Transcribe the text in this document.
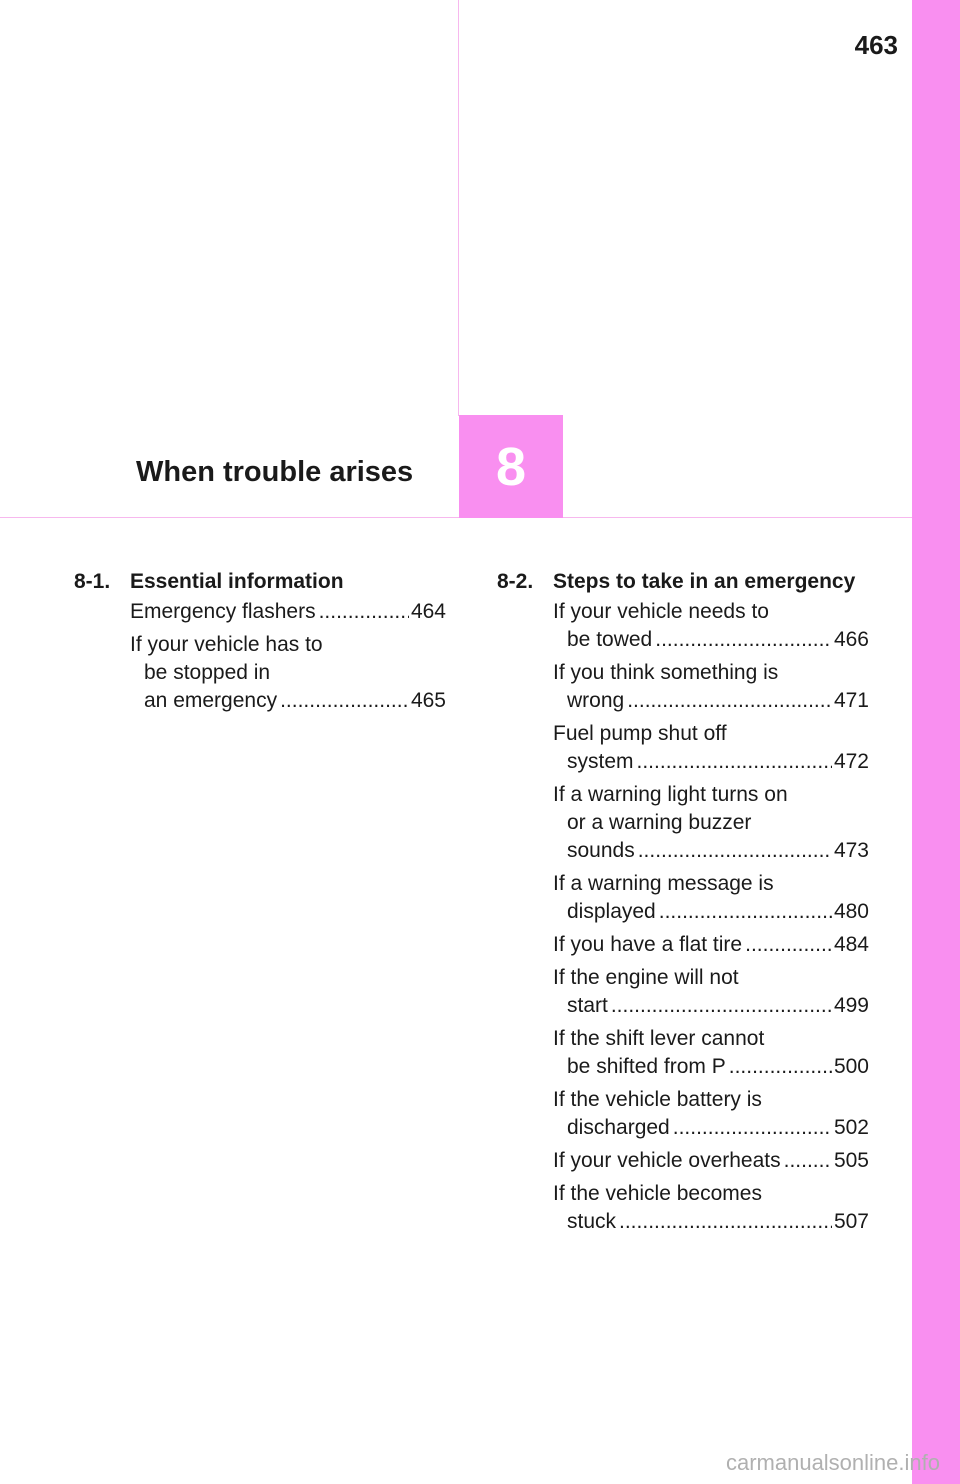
463
When trouble arises 8
8-1. Essential information
Emergency flashers .....	464
If your vehicle has to
be stopped in
an emergency .....	465
8-2. Steps to take in an emergency
If your vehicle needs to
be towed .....	466
If you think something is
wrong .....	471
Fuel pump shut off
system .....	472
If a warning light turns on
or a warning buzzer
sounds .....	473
If a warning message is
displayed .....	480
If you have a flat tire .....	484
If the engine will not
start .....	499
If the shift lever cannot
be shifted from P .....	500
If the vehicle battery is
discharged .....	502
If your vehicle overheats .....	505
If the vehicle becomes
stuck .....	507
carmanualsonline.info
